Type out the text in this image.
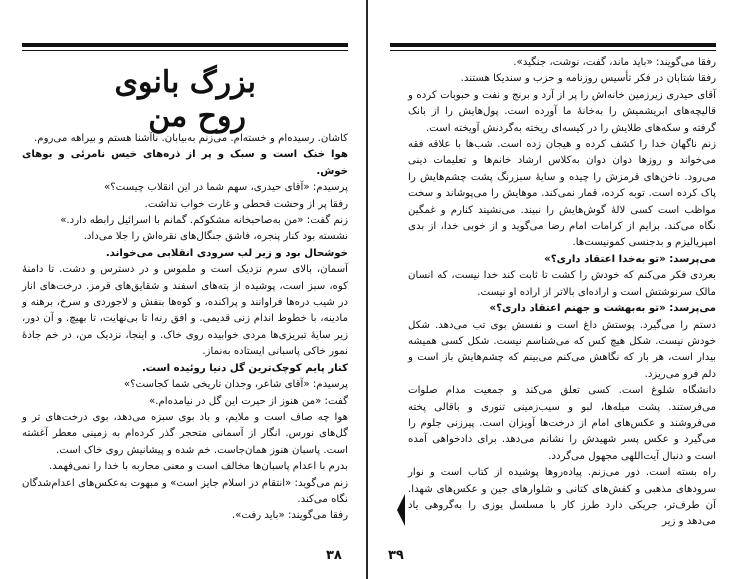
بزرگ بانوی
روح من

کاشان. رسیده‌ام و خسته‌ام. می‌زنم به‌بیابان. ناآشنا هستم و بیراهه می‌روم.

هوا خنک است و سبک و پر از ذره‌های خیس نامرئی و بوهای خوش.

پرسیدم: «آقای حیدری، سهم شما در این انقلاب چیست؟»

رفقا پر از وحشت قحطی و غارت خواب نداشت.

زنم گفت: «من به‌صاحبخانه مشکوکم. گمانم با اسرائیل رابطه دارد.»

نشسته بود کنار پنجره، فاشق جنگال‌های نقره‌اش را جلا می‌داد.

خوشحال بود و زیر لب سرودی انقلابی می‌خواند.

آسمان، بالای سرم نزدیک است و ملموس و در دسترس و دشت. تا دامنهٔ کوه، سبز است، پوشیده از بته‌های اسفند و شقایق‌های قرمز. درخت‌های انار در شیب دره‌ها فراوانند و پراکنده، و کوه‌ها بنفش و لاجوردی و سرخ، برهنه و مادینه، با خطوط اندام زنی قدیمی. و افق رنه‌ا تا بی‌نهایت، تا بهیچ. و آن دور، زیر سایهٔ تبریزی‌ها مردی خوابیده روی خاک. و اینجا، نزدیک من، در خم جادهٔ نمور خاکی پاسبانی ایستاده به‌نماز.

کنار پایم کوچک‌ترین گل دنیا روئیده است.

پرسیدم: «آقای شاعر، وجدان تاریخی شما کجاست؟»

گفت: «من هنوز از حیرت این گل در نیامده‌ام.»

هوا چه صاف است و ملایم، و باد بوی سبزه می‌دهد، بوی درخت‌های تر و گل‌های نورس. انگار از آسمانی متحجر گذر کرده‌ام به زمینی معطر آغشته است. پاسبان هنوز همان‌جاست. خم شده و پیشانیش روی خاک است.

بدرم با اعدام پاسبان‌ها مخالف است و معنی محاربه با خدا را نمی‌فهمد.

زنم می‌گوید: «انتقام در اسلام جایز است» و مبهوت به‌عکس‌های اعدام‌شدگان نگاه می‌کند.

رفقا می‌گویند: «باید رفت».

۳۸

رفقا می‌گویند: «باید ماند، گفت، نوشت، جنگید».

رفقا شتابان در فکر تأسیس روزنامه و حزب و سندیکا هستند.

آقای حیدری زیرزمین خانه‌اش را پر از آرد و برنج و نفت و حبوبات کرده و قالیچه‌های ابریشمیش را به‌خانهٔ ما آورده است. پول‌هایش را از بانک گرفته و سکه‌های طلایش را در کیسه‌ای ریخته به‌گردنش آویخته است.

زنم ناگهان خدا را کشف کرده و هیجان زده است. شب‌ها با علاقه فقه می‌خواند و روزها دوان دوان به‌کلاس ارشاد خانم‌ها و تعلیمات دینی می‌رود. ناخن‌های قرمزش را چیده و سایهٔ سبزرنگ پشت چشم‌هایش را پاک کرده است. توبه کرده، قمار نمی‌کند. موهایش را می‌پوشاند و سخت مواظب است کسی لالهٔ گوش‌هایش را نبیند. می‌نشیند کنارم و غمگین نگاه می‌کند. برایم از کرامات امام رضا می‌گوید و از خوبی خدا، از بدی امپریالیزم و بدجنسی کمونیست‌ها.

می‌پرسد: «تو به‌خدا اعتقاد داری؟»

بعردی فکر می‌کنم که خودش را کشت تا ثابت کند خدا نیست، که انسان مالک سرنوشتش است و اراده‌ای بالاتر از اراده او نیست.

می‌پرسد: «تو به‌بهشت و جهنم اعتقاد داری؟»

دستم را می‌گیرد. پوستش داغ است و نفسش بوی تب می‌دهد. شکل خودش نیست. شکل هیچ کس که می‌شناسم نیست. شکل کسی همیشه بیدار است، هر بار که نگاهش می‌کنم می‌بینم که چشم‌هایش باز است و دلم فرو می‌ریزد.

دانشگاه شلوغ است. کسی تعلق می‌کند و جمعیت مدام صلوات می‌فرستند. پشت میله‌ها، لبو و سیب‌زمینی تنوری و باقالی پخته می‌فروشند و عکس‌های امام از درخت‌ها آویزان است. پیرزنی جلوم را می‌گیرد و عکس پسر شهیدش را نشانم می‌دهد. برای دادخواهی آمده است و دنبال آیت‌اللهی مجهول می‌گردد.

راه بسته است. دور می‌زنم. پیاده‌روها پوشیده از کتاب است و نوار سرودهای مذهبی و کفش‌های کتانی و شلوارهای جین و عکس‌های شهدا. آن طرف‌تر، جریکی دارد طرز کار با مسلسل یوزی را به‌گروهی یاد می‌دهد و زیر

۳۹
